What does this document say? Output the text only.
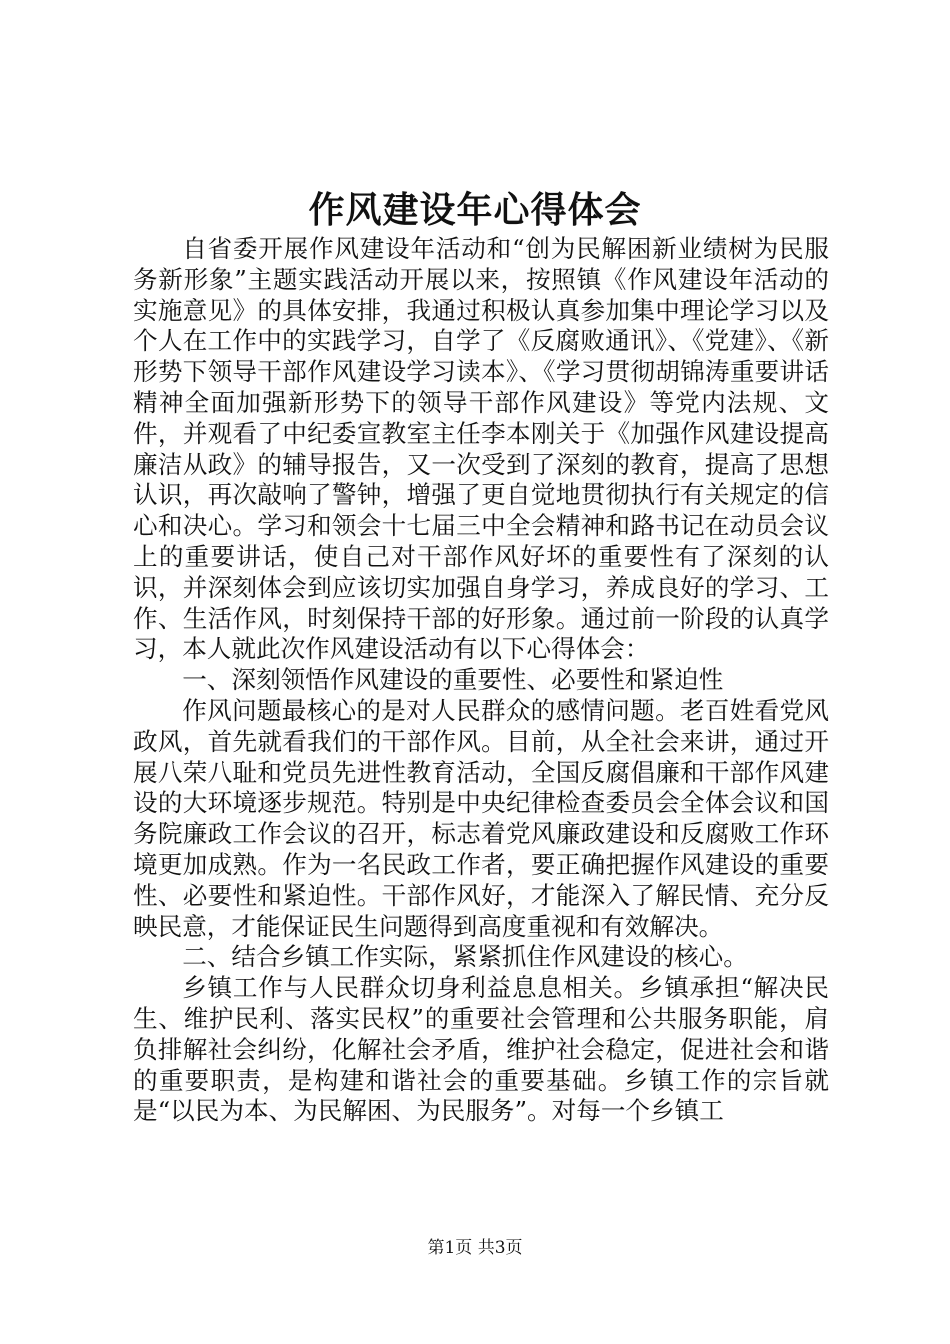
作风建设年心得体会

自省委开展作风建设年活动和“创为民解困新业绩树为民服务新形象”主题实践活动开展以来，按照镇《作风建设年活动的实施意见》的具体安排，我通过积极认真参加集中理论学习以及个人在工作中的实践学习，自学了《反腐败通讯》、《党建》、《新形势下领导干部作风建设学习读本》、《学习贯彻胡锦涛重要讲话精神全面加强新形势下的领导干部作风建设》等党内法规、文件，并观看了中纪委宣教室主任李本刚关于《加强作风建设提高廉洁从政》的辅导报告，又一次受到了深刻的教育，提高了思想认识，再次敲响了警钟，增强了更自觉地贯彻执行有关规定的信心和决心。学习和领会十七届三中全会精神和路书记在动员会议上的重要讲话，使自己对干部作风好坏的重要性有了深刻的认识，并深刻体会到应该切实加强自身学习，养成良好的学习、工作、生活作风，时刻保持干部的好形象。通过前一阶段的认真学习，本人就此次作风建设活动有以下心得体会：

一、深刻领悟作风建设的重要性、必要性和紧迫性

作风问题最核心的是对人民群众的感情问题。老百姓看党风政风，首先就看我们的干部作风。目前，从全社会来讲，通过开展八荣八耻和党员先进性教育活动，全国反腐倡廉和干部作风建设的大环境逐步规范。特别是中央纪律检查委员会全体会议和国务院廉政工作会议的召开，标志着党风廉政建设和反腐败工作环境更加成熟。作为一名民政工作者，要正确把握作风建设的重要性、必要性和紧迫性。干部作风好，才能深入了解民情、充分反映民意，才能保证民生问题得到高度重视和有效解决。

二、结合乡镇工作实际，紧紧抓住作风建设的核心。

乡镇工作与人民群众切身利益息息相关。乡镇承担“解决民生、维护民利、落实民权”的重要社会管理和公共服务职能，肩负排解社会纠纷，化解社会矛盾，维护社会稳定，促进社会和谐的重要职责，是构建和谐社会的重要基础。乡镇工作的宗旨就是“以民为本、为民解困、为民服务”。对每一个乡镇工

第1页 共3页
